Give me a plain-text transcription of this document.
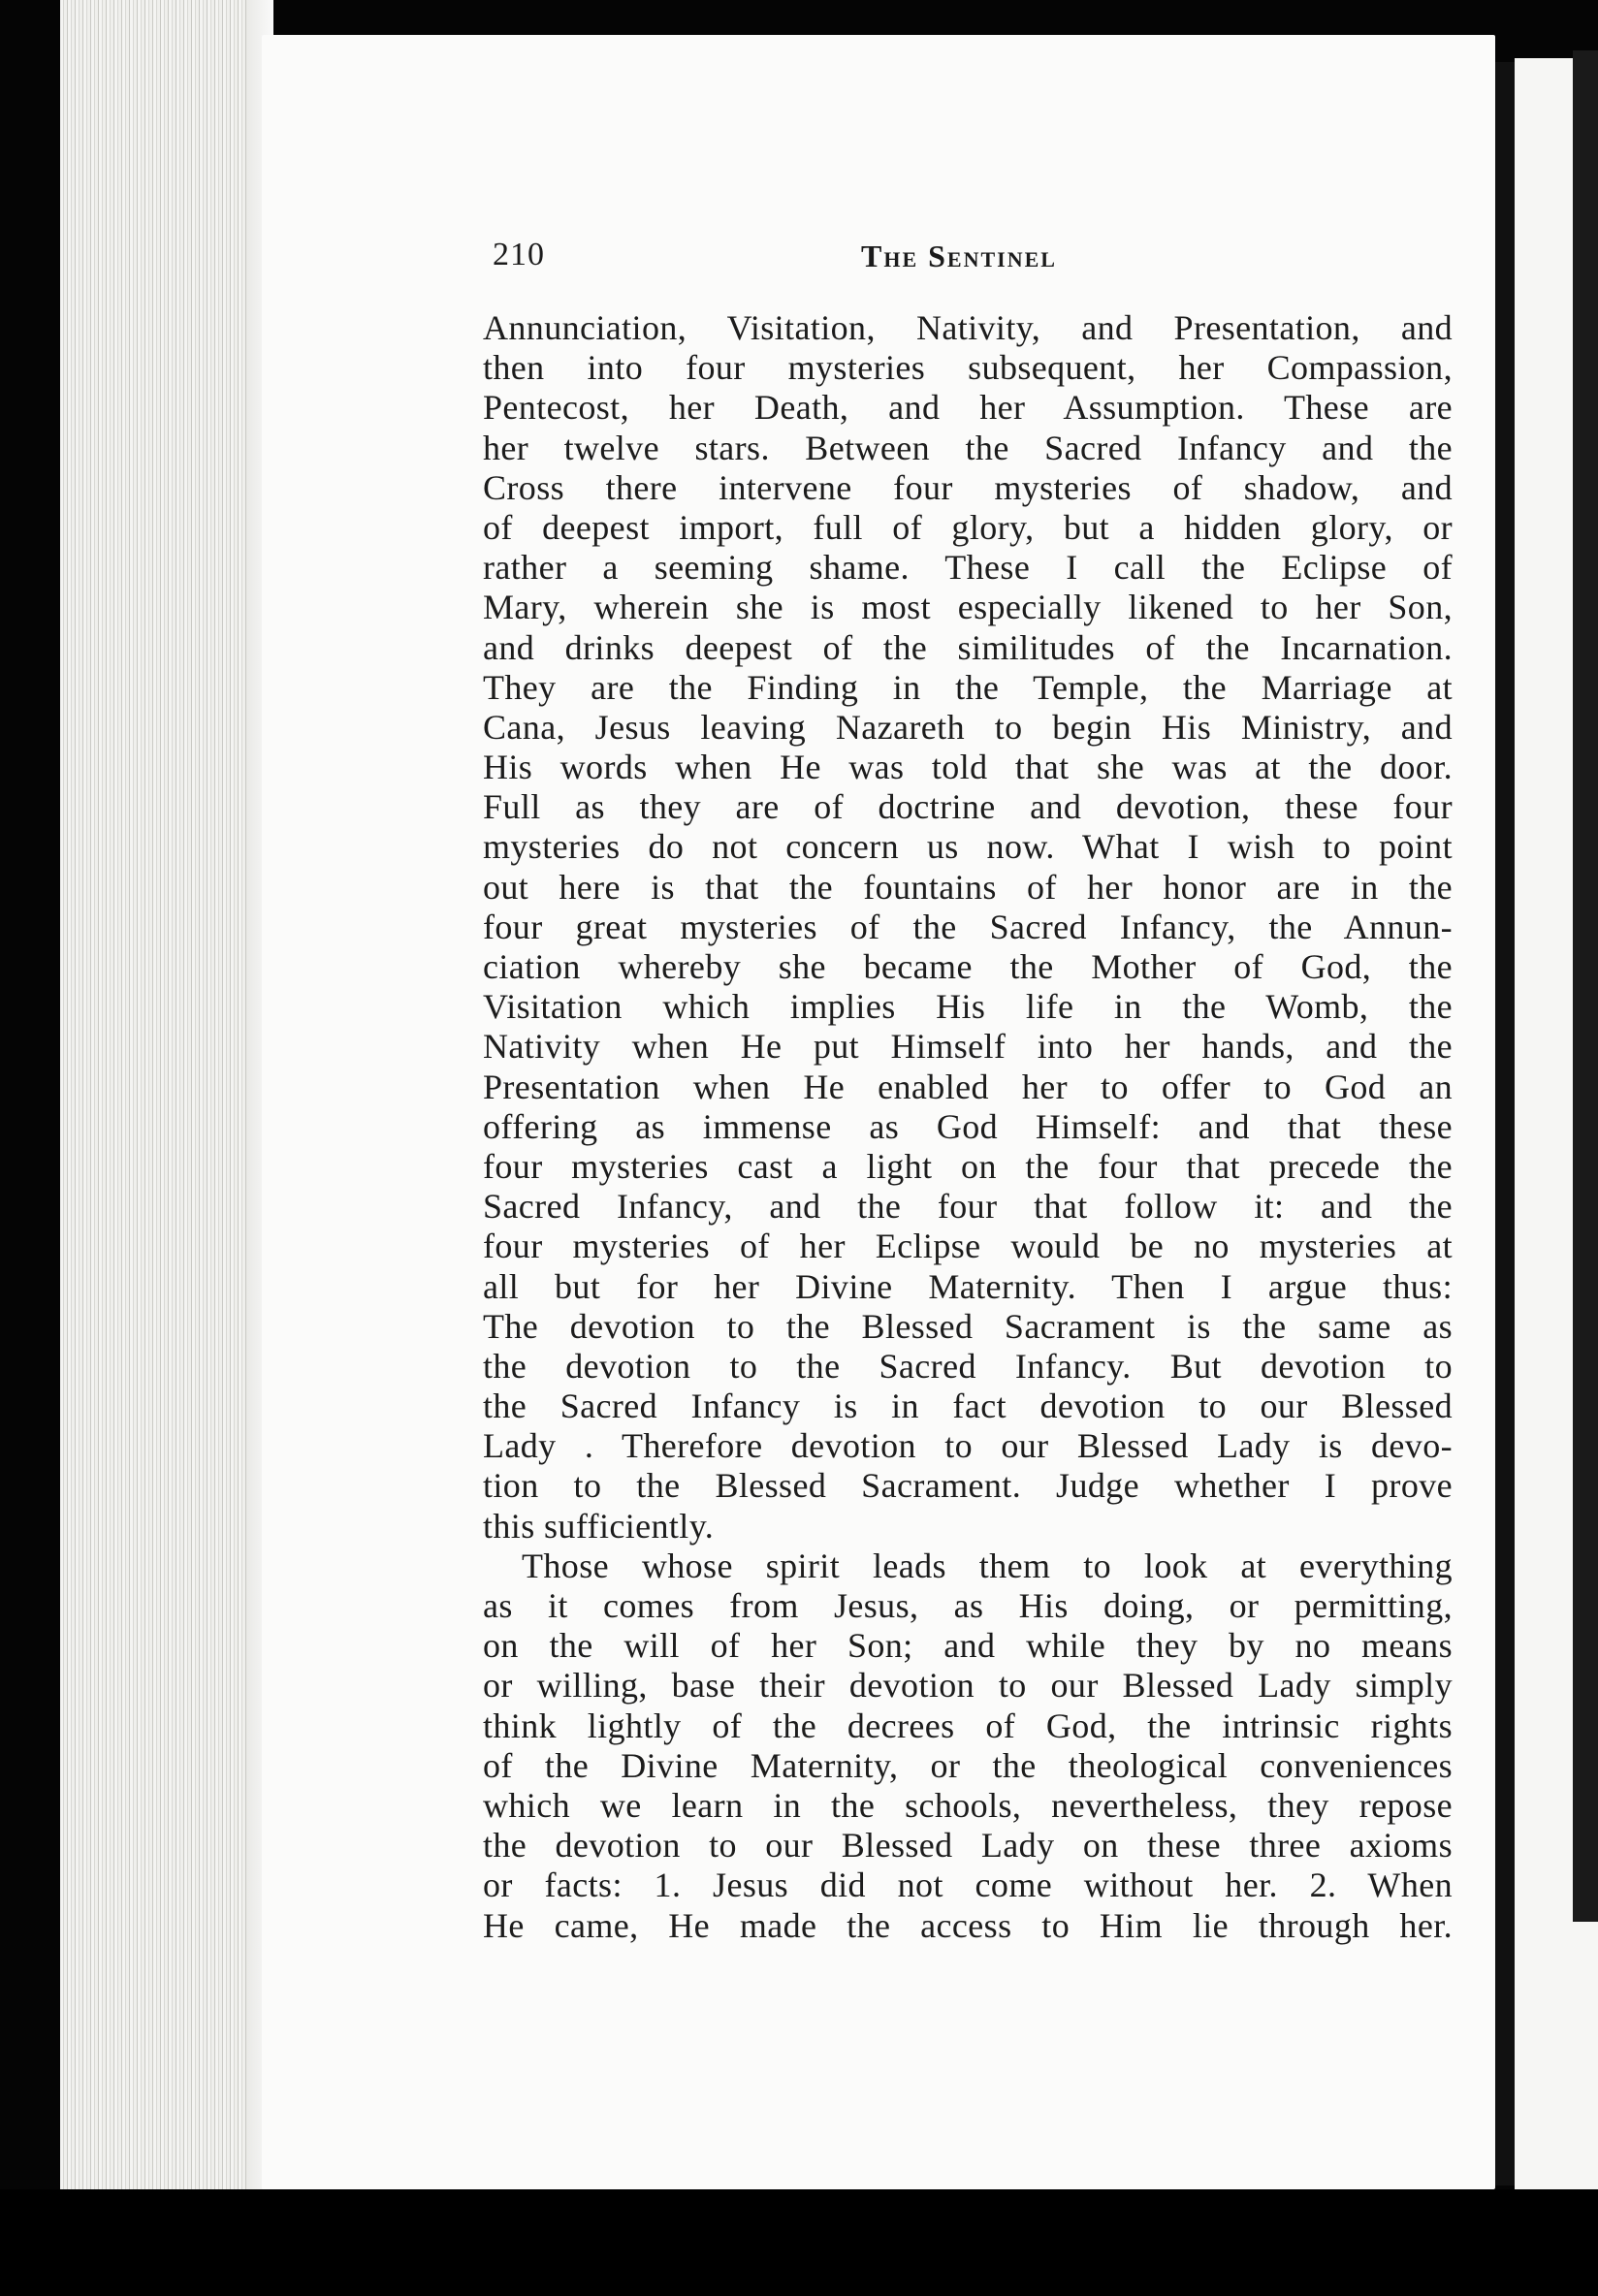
210	The Sentinel
Annunciation, Visitation, Nativity, and Presentation, and
then into four mysteries subsequent, her Compassion,
Pentecost, her Death, and her Assumption. These are
her twelve stars. Between the Sacred Infancy and the
Cross there intervene four mysteries of shadow, and
of deepest import, full of glory, but a hidden glory, or
rather a seeming shame. These I call the Eclipse of
Mary, wherein she is most especially likened to her Son,
and drinks deepest of the similitudes of the Incarnation.
They are the Finding in the Temple, the Marriage at
Cana, Jesus leaving Nazareth to begin His Ministry, and
His words when He was told that she was at the door.
Full as they are of doctrine and devotion, these four
mysteries do not concern us now. What I wish to point
out here is that the fountains of her honor are in the
four great mysteries of the Sacred Infancy, the Annun-
ciation whereby she became the Mother of God, the
Visitation which implies His life in the Womb, the
Nativity when He put Himself into her hands, and the
Presentation when He enabled her to offer to God an
offering as immense as God Himself: and that these
four mysteries cast a light on the four that precede the
Sacred Infancy, and the four that follow it: and the
four mysteries of her Eclipse would be no mysteries at
all but for her Divine Maternity. Then I argue thus:
The devotion to the Blessed Sacrament is the same as
the devotion to the Sacred Infancy. But devotion to
the Sacred Infancy is in fact devotion to our Blessed
Lady . Therefore devotion to our Blessed Lady is devo-
tion to the Blessed Sacrament. Judge whether I prove
this sufficiently.
Those whose spirit leads them to look at everything
as it comes from Jesus, as His doing, or permitting,
on the will of her Son; and while they by no means
or willing, base their devotion to our Blessed Lady simply
think lightly of the decrees of God, the intrinsic rights
of the Divine Maternity, or the theological conveniences
which we learn in the schools, nevertheless, they repose
the devotion to our Blessed Lady on these three axioms
or facts: 1. Jesus did not come without her. 2. When
He came, He made the access to Him lie through her.
